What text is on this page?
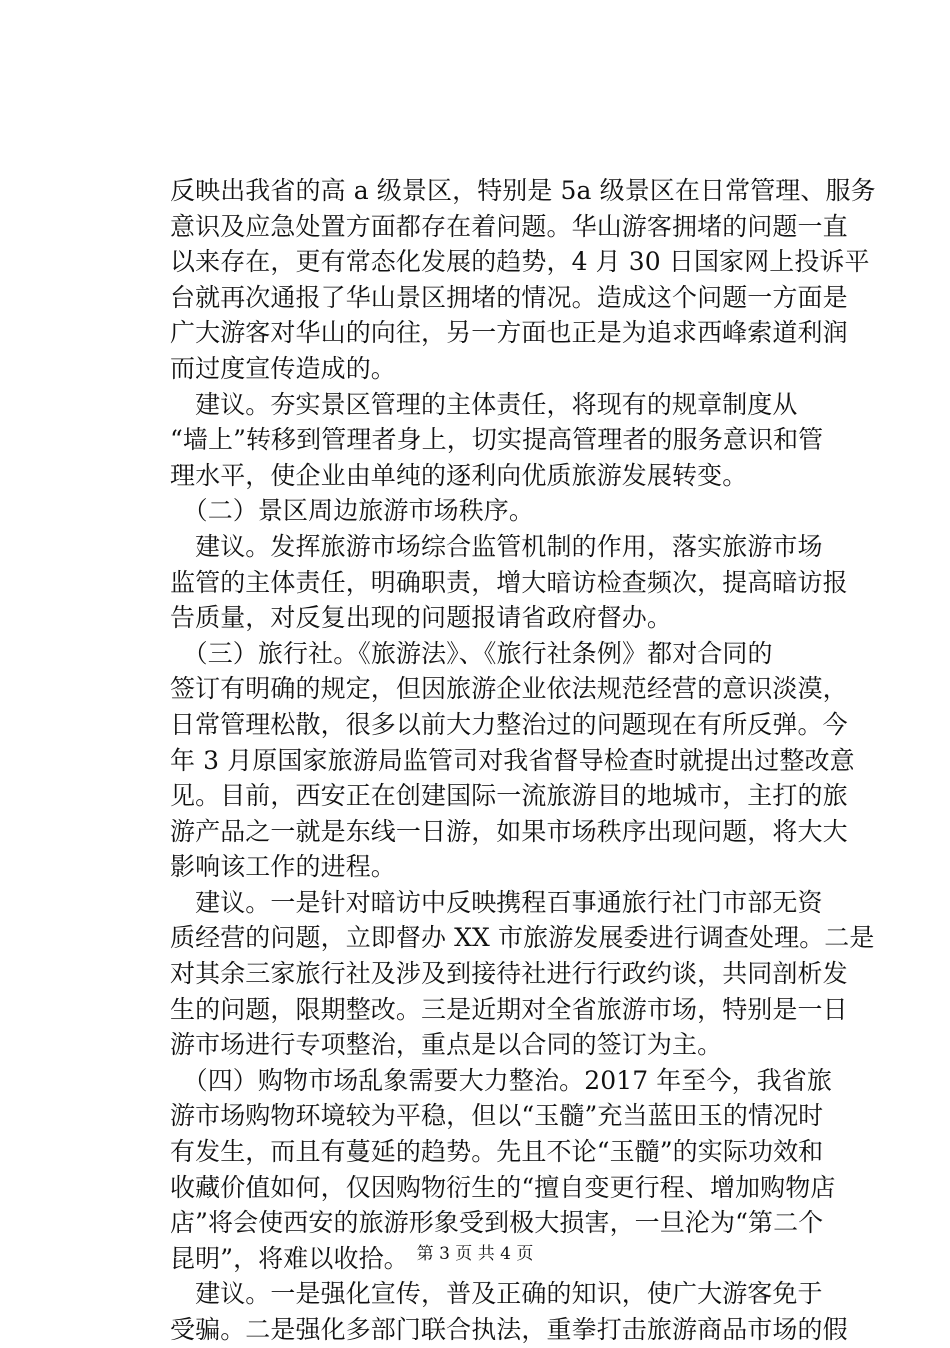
反映出我省的高 a 级景区，特别是 5a 级景区在日常管理、服务
意识及应急处置方面都存在着问题。华山游客拥堵的问题一直
以来存在，更有常态化发展的趋势，4 月 30 日国家网上投诉平
台就再次通报了华山景区拥堵的情况。造成这个问题一方面是
广大游客对华山的向往，另一方面也正是为追求西峰索道利润
而过度宣传造成的。
　建议。夯实景区管理的主体责任，将现有的规章制度从
“墙上”转移到管理者身上，切实提高管理者的服务意识和管
理水平，使企业由单纯的逐利向优质旅游发展转变。
　（二）景区周边旅游市场秩序。
　建议。发挥旅游市场综合监管机制的作用，落实旅游市场
监管的主体责任，明确职责，增大暗访检查频次，提高暗访报
告质量，对反复出现的问题报请省政府督办。
　（三）旅行社。《旅游法》、《旅行社条例》都对合同的
签订有明确的规定，但因旅游企业依法规范经营的意识淡漠，
日常管理松散，很多以前大力整治过的问题现在有所反弹。今
年 3 月原国家旅游局监管司对我省督导检查时就提出过整改意
见。目前，西安正在创建国际一流旅游目的地城市，主打的旅
游产品之一就是东线一日游，如果市场秩序出现问题，将大大
影响该工作的进程。
　建议。一是针对暗访中反映携程百事通旅行社门市部无资
质经营的问题，立即督办 XX 市旅游发展委进行调查处理。二是
对其余三家旅行社及涉及到接待社进行行政约谈，共同剖析发
生的问题，限期整改。三是近期对全省旅游市场，特别是一日
游市场进行专项整治，重点是以合同的签订为主。
　（四）购物市场乱象需要大力整治。2017 年至今，我省旅
游市场购物环境较为平稳，但以“玉髓”充当蓝田玉的情况时
有发生，而且有蔓延的趋势。先且不论“玉髓”的实际功效和
收藏价值如何，仅因购物衍生的“擅自变更行程、增加购物店
店”将会使西安的旅游形象受到极大损害，一旦沦为“第二个
昆明”，将难以收拾。
　建议。一是强化宣传，普及正确的知识，使广大游客免于
受骗。二是强化多部门联合执法，重拳打击旅游商品市场的假
第 3 页 共 4 页
